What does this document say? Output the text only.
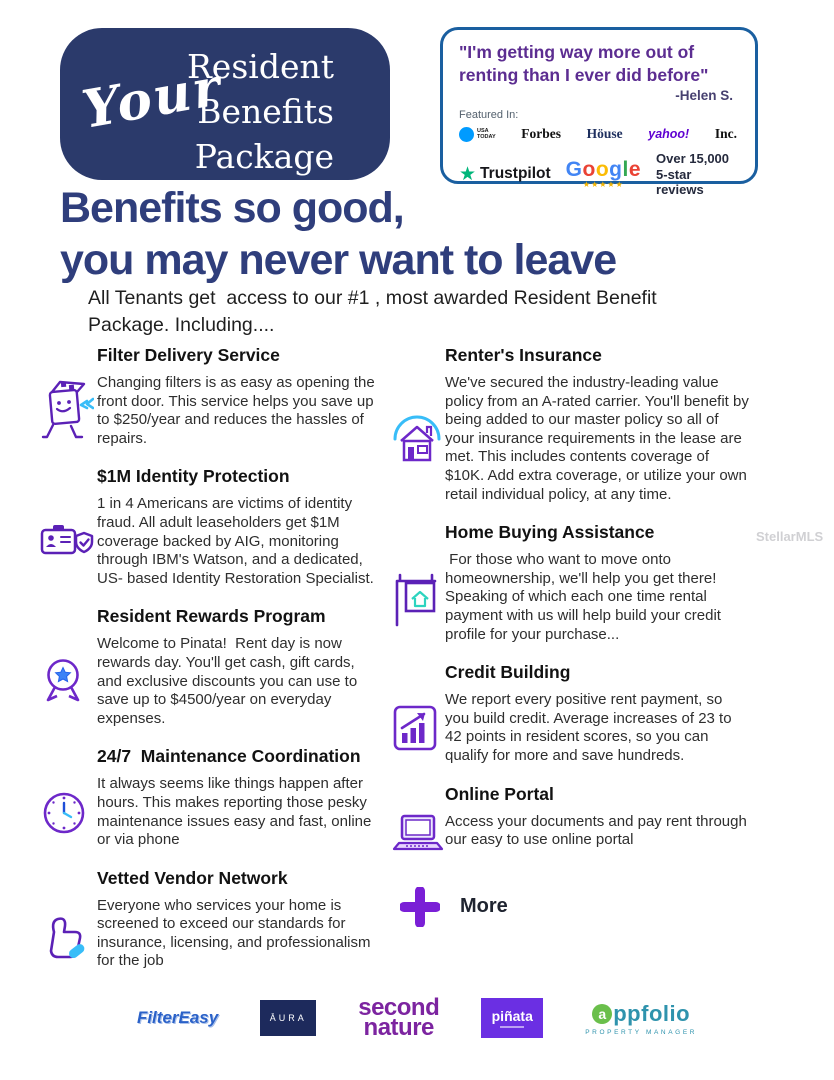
Your
Resident
Benefits
Package
"I'm getting way more out of
renting than I ever did before"
-Helen S.
Featured In:
USA
TODAY Forbes Höuse yahoo! Inc.
★ Trustpilot Google
★★★★★
Over 15,000
5-star reviews
Benefits so good,
you may never want to leave
All Tenants get  access to our #1 , most awarded Resident Benefit Package. Including....
StellarMLS
Filter Delivery Service

Changing filters is as easy as opening the front door. This service helps you save up to $250/year and reduces the hassles of repairs.

$1M Identity Protection

1 in 4 Americans are victims of identity fraud. All adult leaseholders get $1M coverage backed by AIG, monitoring through IBM's Watson, and a dedicated, US- based Identity Restoration Specialist.

Resident Rewards Program

Welcome to Pinata!  Rent day is now rewards day. You'll get cash, gift cards, and exclusive discounts you can use to save up to $4500/year on everyday expenses.

24/7  Maintenance Coordination

It always seems like things happen after hours. This makes reporting those pesky maintenance issues easy and fast, online or via phone

Vetted Vendor Network

Everyone who services your home is screened to exceed our standards for insurance, licensing, and professionalism for the job

Renter's Insurance

We've secured the industry-leading value policy from an A-rated carrier. You'll benefit by being added to our master policy so all of your insurance requirements in the lease are met. This includes contents coverage of $10K. Add extra coverage, or utilize your own retail individual policy, at any time.

Home Buying Assistance

For those who want to move onto homeownership, we'll help you get there! Speaking of which each one time rental payment with us will help build your credit profile for your purchase...

Credit Building

We report every positive rent payment, so you build credit. Average increases of 23 to 42 points in resident scores, so you can qualify for more and save hundreds.

Online Portal

Access your documents and pay rent through our easy to use online portal

More
FilterEasy	ĀURA	second
nature	piñata	a ppfolio
PROPERTY MANAGER
